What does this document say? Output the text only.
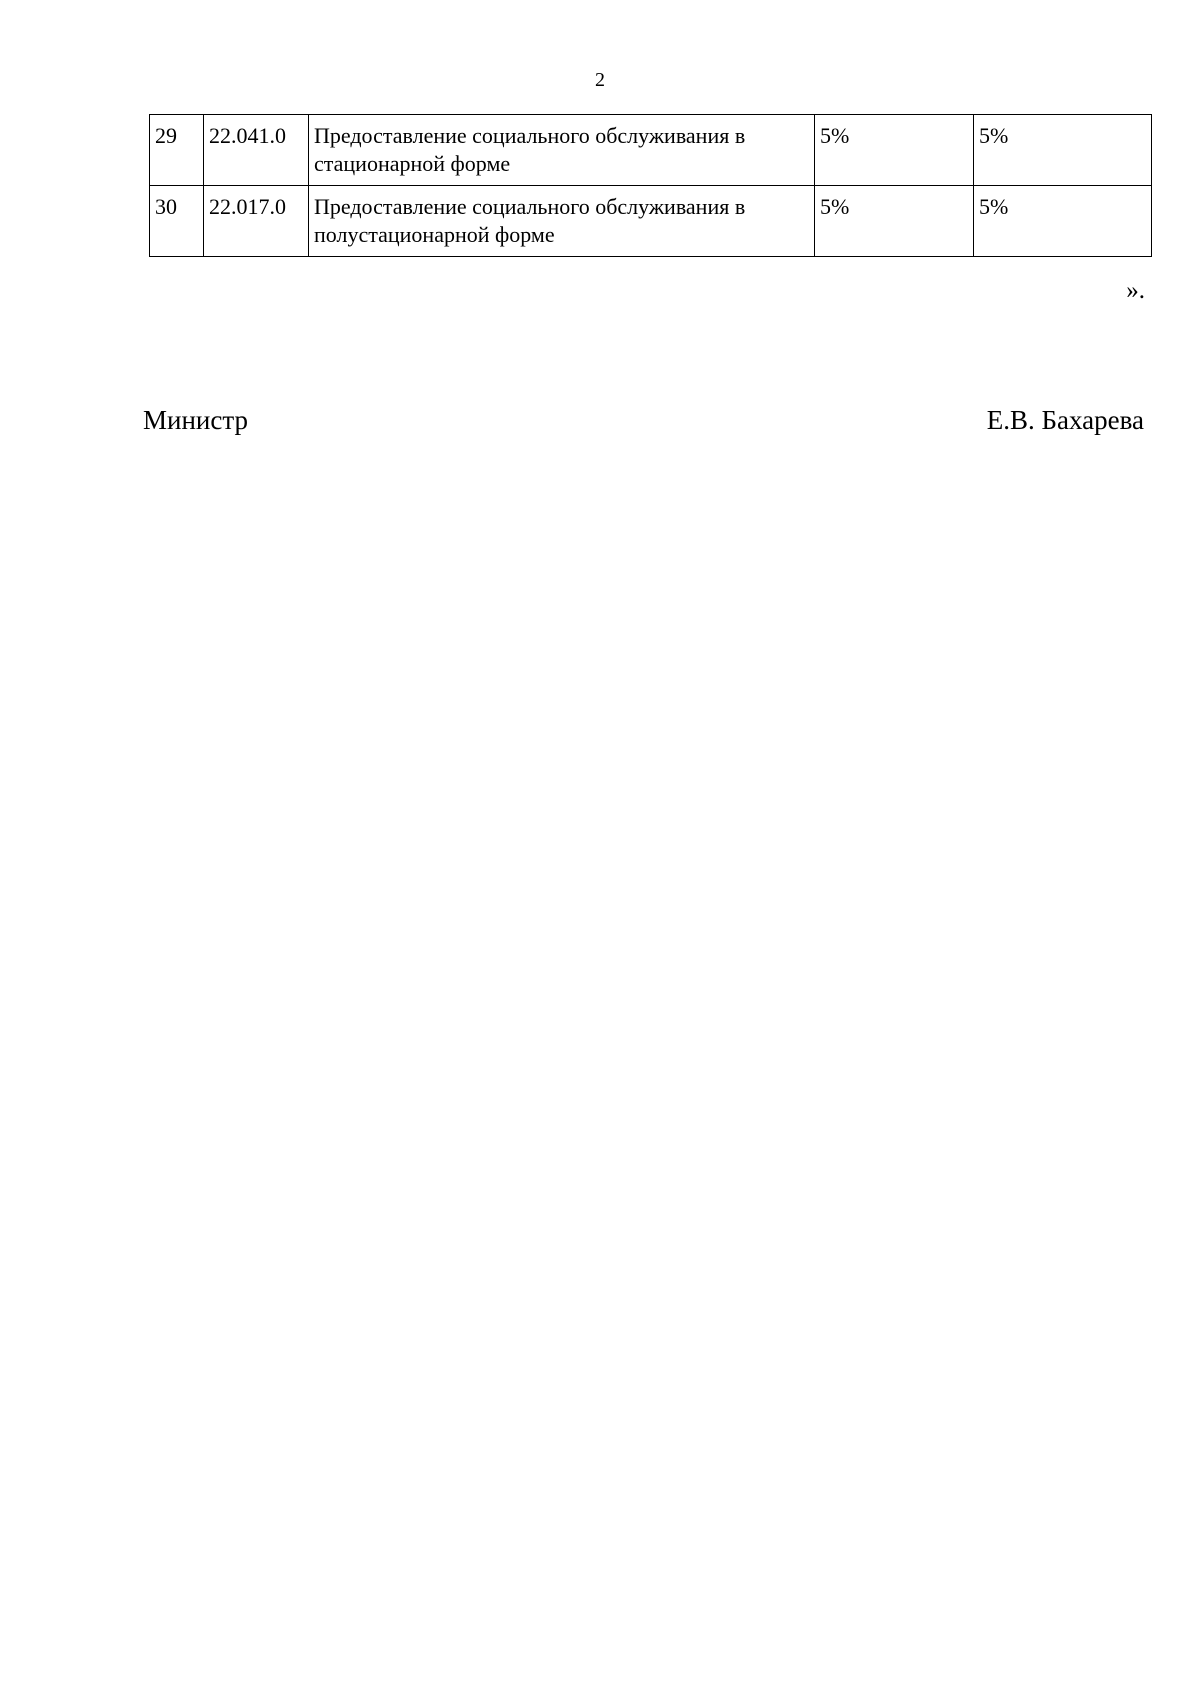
2
29	22.041.0	Предоставление социального обслуживания в стационарной форме	5%	5%
30	22.017.0	Предоставление социального обслуживания в полустационарной форме	5%	5%
».
Министр	Е.В. Бахарева
